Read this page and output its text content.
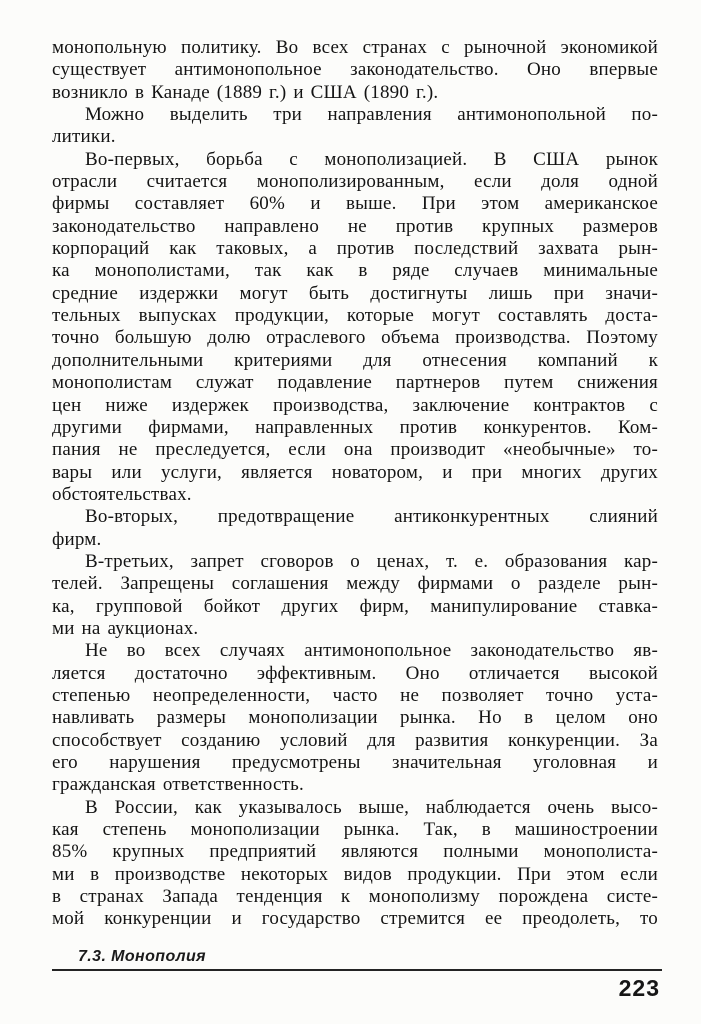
монопольную политику. Во всех странах с рыночной экономикой
существует антимонопольное законодательство. Оно впервые
возникло в Канаде (1889 г.) и США (1890 г.).
Можно выделить три направления антимонопольной по-
литики.
Во-первых, борьба с монополизацией. В США рынок
отрасли считается монополизированным, если доля одной
фирмы составляет 60% и выше. При этом американское
законодательство направлено не против крупных размеров
корпораций как таковых, а против последствий захвата рын-
ка монополистами, так как в ряде случаев минимальные
средние издержки могут быть достигнуты лишь при значи-
тельных выпусках продукции, которые могут составлять доста-
точно большую долю отраслевого объема производства. Поэтому
дополнительными критериями для отнесения компаний к
монополистам служат подавление партнеров путем снижения
цен ниже издержек производства, заключение контрактов с
другими фирмами, направленных против конкурентов. Ком-
пания не преследуется, если она производит «необычные» то-
вары или услуги, является новатором, и при многих других
обстоятельствах.
Во-вторых, предотвращение антиконкурентных слияний
фирм.
В-третьих, запрет сговоров о ценах, т. е. образования кар-
телей. Запрещены соглашения между фирмами о разделе рын-
ка, групповой бойкот других фирм, манипулирование ставка-
ми на аукционах.
Не во всех случаях антимонопольное законодательство яв-
ляется достаточно эффективным. Оно отличается высокой
степенью неопределенности, часто не позволяет точно уста-
навливать размеры монополизации рынка. Но в целом оно
способствует созданию условий для развития конкуренции. За
его нарушения предусмотрены значительная уголовная и
гражданская ответственность.
В России, как указывалось выше, наблюдается очень высо-
кая степень монополизации рынка. Так, в машиностроении
85% крупных предприятий являются полными монополиста-
ми в производстве некоторых видов продукции. При этом если
в странах Запада тенденция к монополизму порождена систе-
мой конкуренции и государство стремится ее преодолеть, то
7.3. Монополия
223
